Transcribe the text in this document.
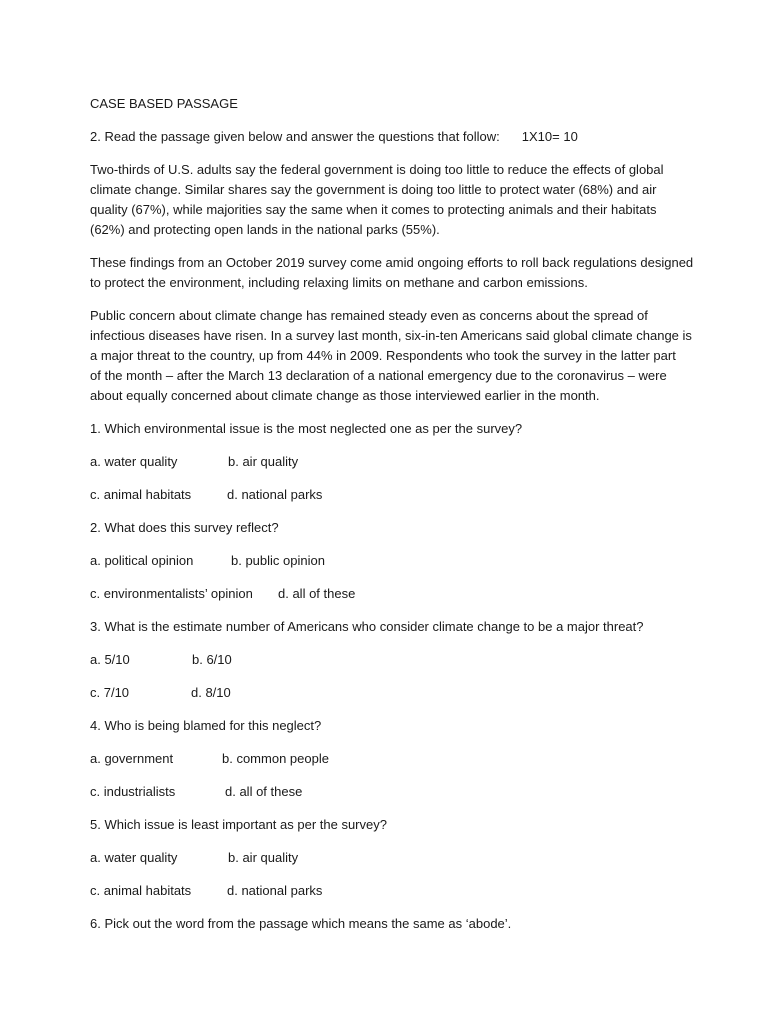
CASE BASED PASSAGE
2. Read the passage given below and answer the questions that follow: 1X10= 10
Two-thirds of U.S. adults say the federal government is doing too little to reduce the effects of global
climate change. Similar shares say the government is doing too little to protect water (68%) and air
quality (67%), while majorities say the same when it comes to protecting animals and their habitats
(62%) and protecting open lands in the national parks (55%).
These findings from an October 2019 survey come amid ongoing efforts to roll back regulations designed
to protect the environment, including relaxing limits on methane and carbon emissions.
Public concern about climate change has remained steady even as concerns about the spread of
infectious diseases have risen. In a survey last month, six-in-ten Americans said global climate change is
a major threat to the country, up from 44% in 2009. Respondents who took the survey in the latter part
of the month – after the March 13 declaration of a national emergency due to the coronavirus – were
about equally concerned about climate change as those interviewed earlier in the month.
1. Which environmental issue is the most neglected one as per the survey?
a. water quality	b. air quality
c. animal habitats	d. national parks
2. What does this survey reflect?
a. political opinion	b. public opinion
c. environmentalists’ opinion	d. all of these
3. What is the estimate number of Americans who consider climate change to be a major threat?
a. 5/10	b. 6/10
c. 7/10	d. 8/10
4. Who is being blamed for this neglect?
a. government	b. common people
c. industrialists	d. all of these
5. Which issue is least important as per the survey?
a. water quality	b. air quality
c. animal habitats	d. national parks
6. Pick out the word from the passage which means the same as ‘abode’.
